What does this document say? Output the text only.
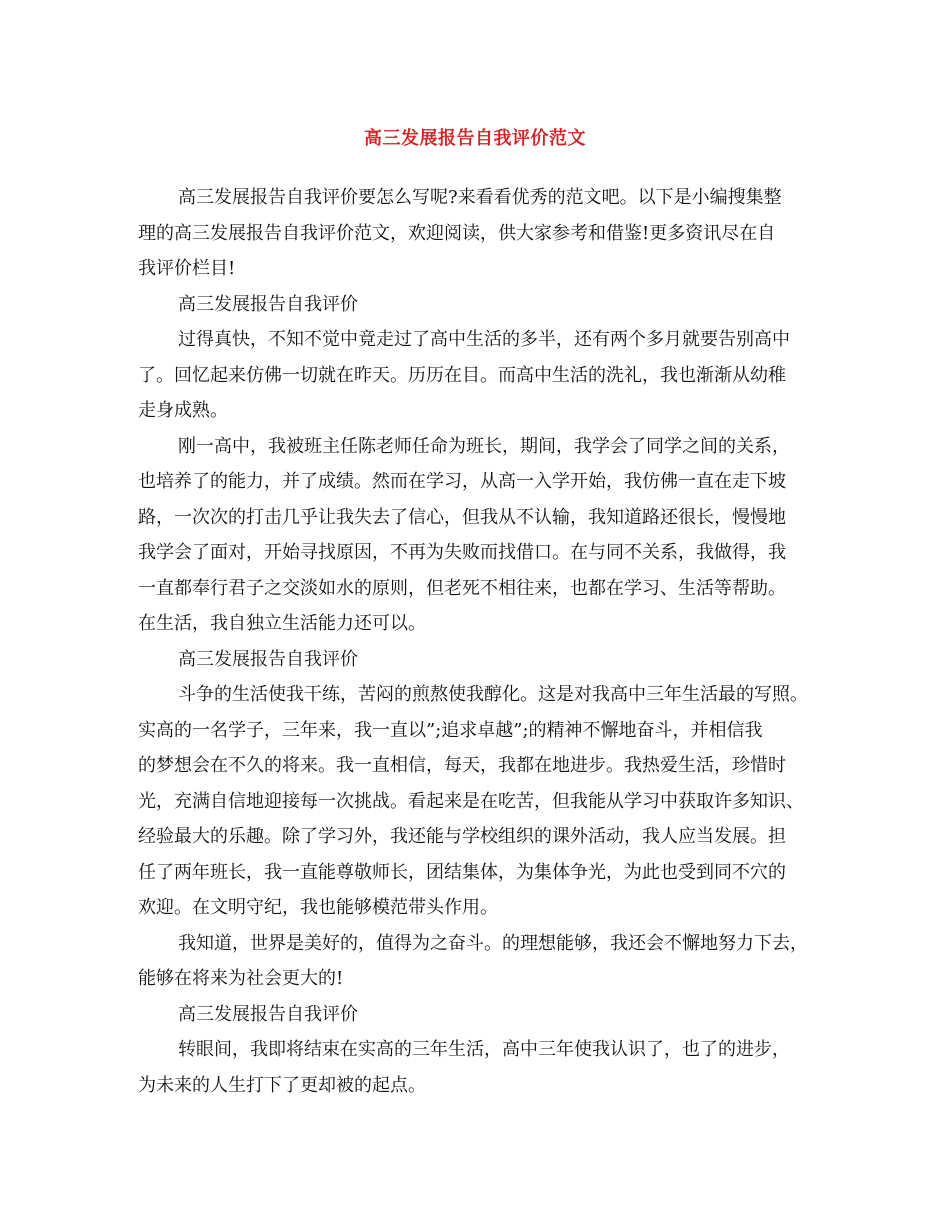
高三发展报告自我评价范文
高三发展报告自我评价要怎么写呢?来看看优秀的范文吧。以下是小编搜集整
理的高三发展报告自我评价范文，欢迎阅读，供大家参考和借鉴!更多资讯尽在自
我评价栏目!
高三发展报告自我评价
过得真快，不知不觉中竟走过了高中生活的多半，还有两个多月就要告别高中
了。回忆起来仿佛一切就在昨天。历历在目。而高中生活的洗礼，我也渐渐从幼稚
走身成熟。
刚一高中，我被班主任陈老师任命为班长，期间，我学会了同学之间的关系，
也培养了的能力，并了成绩。然而在学习，从高一入学开始，我仿佛一直在走下坡
路，一次次的打击几乎让我失去了信心，但我从不认输，我知道路还很长，慢慢地
我学会了面对，开始寻找原因，不再为失败而找借口。在与同不关系，我做得，我
一直都奉行君子之交淡如水的原则，但老死不相往来，也都在学习、生活等帮助。
在生活，我自独立生活能力还可以。
高三发展报告自我评价
斗争的生活使我干练，苦闷的煎熬使我醇化。这是对我高中三年生活最的写照。
实高的一名学子，三年来，我一直以”;追求卓越”;的精神不懈地奋斗，并相信我
的梦想会在不久的将来。我一直相信，每天，我都在地进步。我热爱生活，珍惜时
光，充满自信地迎接每一次挑战。看起来是在吃苦，但我能从学习中获取许多知识、
经验最大的乐趣。除了学习外，我还能与学校组织的课外活动，我人应当发展。担
任了两年班长，我一直能尊敬师长，团结集体，为集体争光，为此也受到同不穴的
欢迎。在文明守纪，我也能够模范带头作用。
我知道，世界是美好的，值得为之奋斗。的理想能够，我还会不懈地努力下去，
能够在将来为社会更大的!
高三发展报告自我评价
转眼间，我即将结束在实高的三年生活，高中三年使我认识了，也了的进步，
为未来的人生打下了更却被的起点。
